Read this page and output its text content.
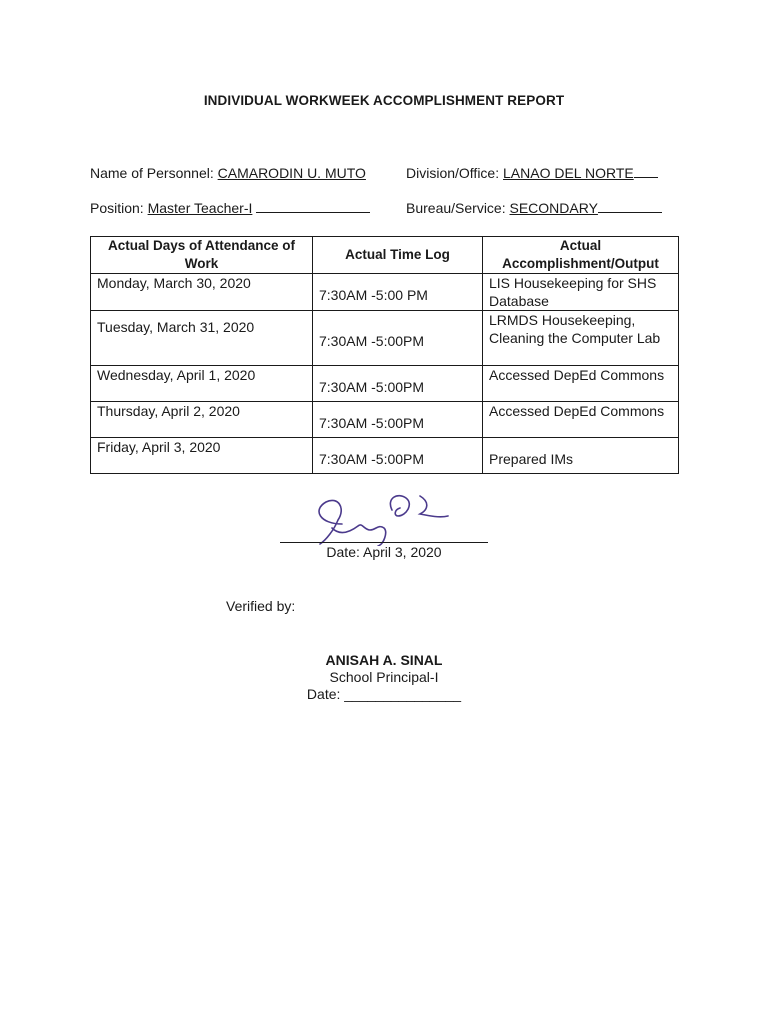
INDIVIDUAL WORKWEEK ACCOMPLISHMENT REPORT
Name of Personnel: CAMARODIN U. MUTO	Division/Office: LANAO DEL NORTE
Position: Master Teacher-I	Bureau/Service: SECONDARY
Actual Days of Attendance of Work	Actual Time Log	Actual Accomplishment/Output
Monday, March 30, 2020	7:30AM -5:00 PM	LIS Housekeeping for SHS Database
Tuesday, March 31, 2020	7:30AM -5:00PM	LRMDS Housekeeping, Cleaning the Computer Lab
Wednesday, April 1, 2020	7:30AM -5:00PM	Accessed DepEd Commons
Thursday, April 2, 2020	7:30AM -5:00PM	Accessed DepEd Commons
Friday, April 3, 2020	7:30AM -5:00PM	Prepared IMs
Date: April 3, 2020
Verified by:
ANISAH A. SINAL
School Principal-I
Date: _______________
